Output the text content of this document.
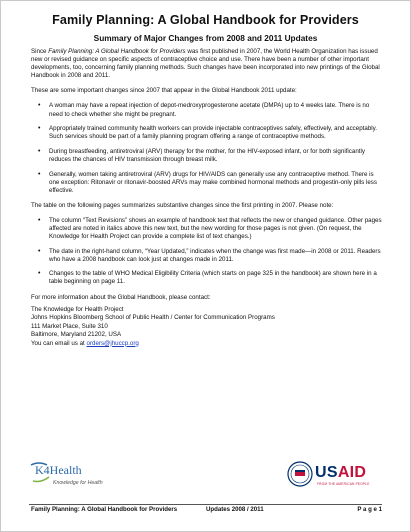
Family Planning: A Global Handbook for Providers
Summary of Major Changes from 2008 and 2011 Updates
Since Family Planning: A Global Handbook for Providers was first published in 2007, the World Health Organization has issued new or revised guidance on specific aspects of contraceptive choice and use. There have been a number of other important developments, too, concerning family planning methods. Such changes have been incorporated into new printings of the Global Handbook in 2008 and 2011.
These are some important changes since 2007 that appear in the Global Handbook 2011 update:
• A woman may have a repeat injection of depot-medroxyprogesterone acetate (DMPA) up to 4 weeks late. There is no need to check whether she might be pregnant.
• Appropriately trained community health workers can provide injectable contraceptives safely, effectively, and acceptably. Such services should be part of a family planning program offering a range of contraceptive methods.
• During breastfeeding, antiretroviral (ARV) therapy for the mother, for the HIV-exposed infant, or for both significantly reduces the chances of HIV transmission through breast milk.
• Generally, women taking antiretroviral (ARV) drugs for HIV/AIDS can generally use any contraceptive method. There is one exception: Ritonavir or ritonavir-boosted ARVs may make combined hormonal methods and progestin-only pills less effective.
The table on the following pages summarizes substantive changes since the first printing in 2007. Please note:
• The column “Text Revisions” shows an example of handbook text that reflects the new or changed guidance. Other pages affected are noted in italics above this new text, but the new wording for those pages is not given. (On request, the Knowledge for Health Project can provide a complete list of text changes.)
• The date in the right-hand column, “Year Updated,” indicates when the change was first made—in 2008 or 2011. Readers who have a 2008 handbook can look just at changes made in 2011.
• Changes to the table of WHO Medical Eligibility Criteria (which starts on page 325 in the handbook) are shown here in a table beginning on page 11.
For more information about the Global Handbook, please contact:
The Knowledge for Health Project
Johns Hopkins Bloomberg School of Public Health / Center for Communication Programs
111 Market Place, Suite 310
Baltimore, Maryland 21202, USA
You can email us at orders@jhuccp.org
K4Health
Knowledge for Health
USAID
FROM THE AMERICAN PEOPLE
Family Planning: A Global Handbook for Providers	Updates 2008 / 2011	P a g e 1
